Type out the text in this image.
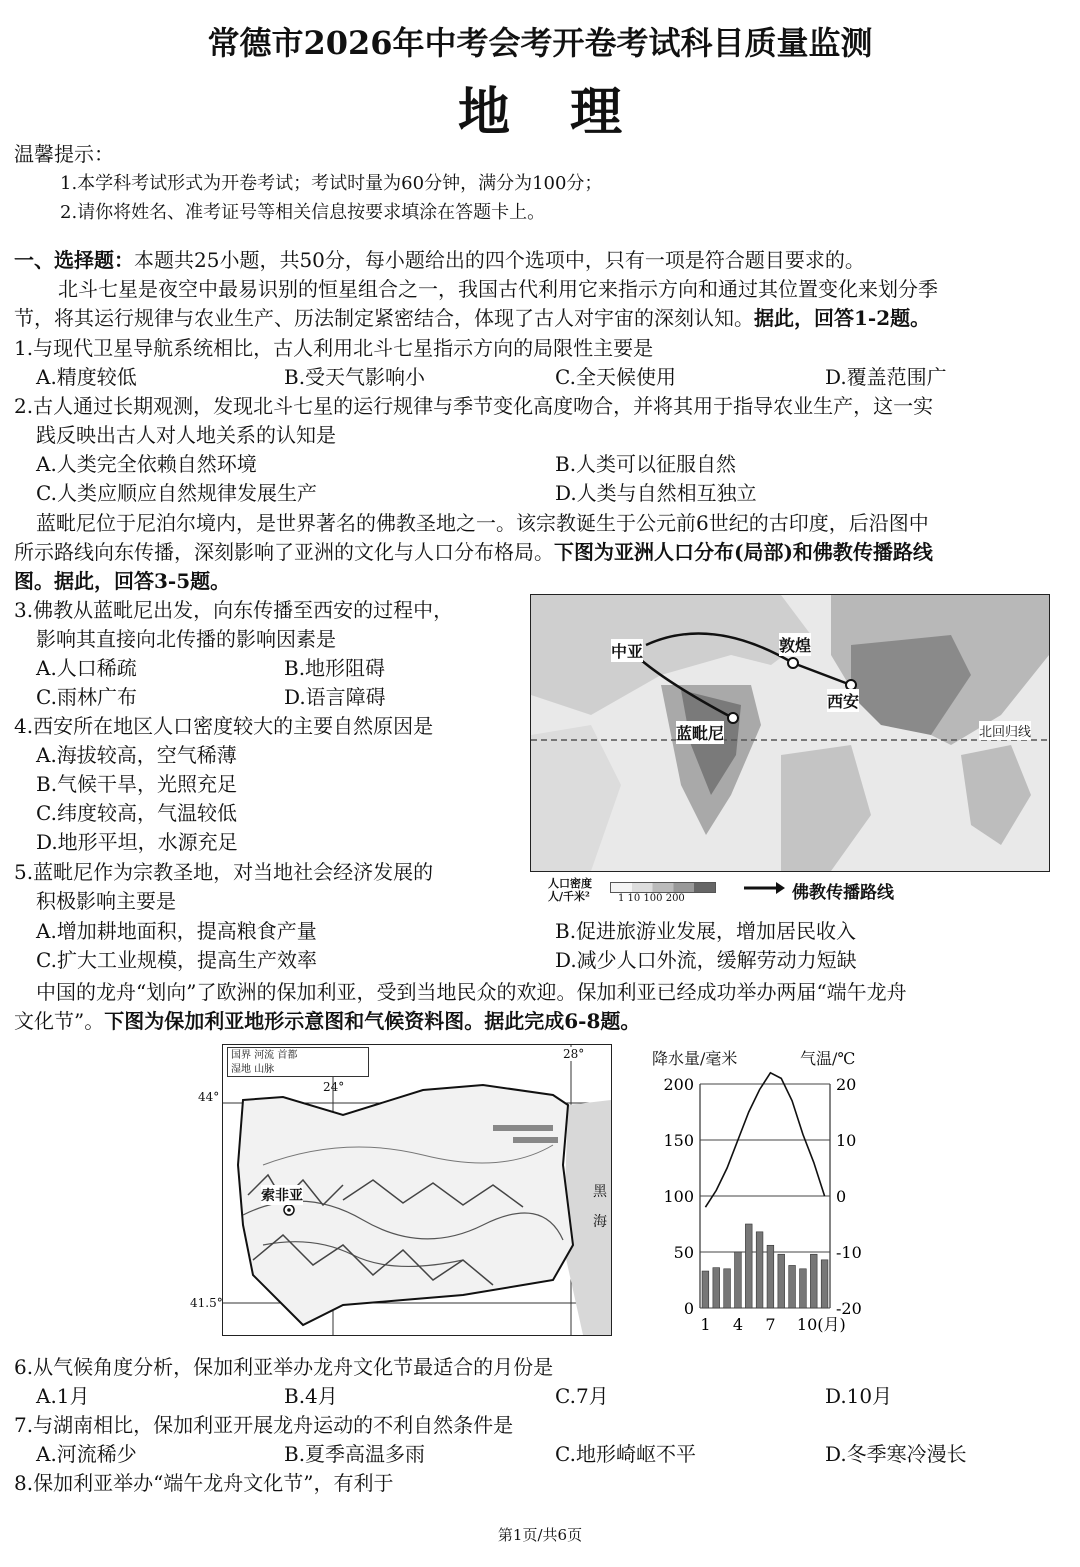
常德市2026年中考会考开卷考试科目质量监测
地理
温馨提示：
1.本学科考试形式为开卷考试；考试时量为60分钟，满分为100分；
2.请你将姓名、准考证号等相关信息按要求填涂在答题卡上。
一、选择题：本题共25小题，共50分，每小题给出的四个选项中，只有一项是符合题目要求的。
北斗七星是夜空中最易识别的恒星组合之一，我国古代利用它来指示方向和通过其位置变化来划分季
节，将其运行规律与农业生产、历法制定紧密结合，体现了古人对宇宙的深刻认知。据此，回答1-2题。
1.与现代卫星导航系统相比，古人利用北斗七星指示方向的局限性主要是
A.精度较低	B.受天气影响小	C.全天候使用	D.覆盖范围广
2.古人通过长期观测，发现北斗七星的运行规律与季节变化高度吻合，并将其用于指导农业生产，这一实
践反映出古人对人地关系的认知是
A.人类完全依赖自然环境	B.人类可以征服自然
C.人类应顺应自然规律发展生产	D.人类与自然相互独立
蓝毗尼位于尼泊尔境内，是世界著名的佛教圣地之一。该宗教诞生于公元前6世纪的古印度，后沿图中
所示路线向东传播，深刻影响了亚洲的文化与人口分布格局。下图为亚洲人口分布(局部)和佛教传播路线
图。据此，回答3-5题。
3.佛教从蓝毗尼出发，向东传播至西安的过程中，
影响其直接向北传播的影响因素是
A.人口稀疏	B.地形阻碍
C.雨林广布	D.语言障碍
4.西安所在地区人口密度较大的主要自然原因是
A.海拔较高，空气稀薄
B.气候干旱，光照充足
C.纬度较高，气温较低
D.地形平坦，水源充足
5.蓝毗尼作为宗教圣地，对当地社会经济发展的
积极影响主要是
A.增加耕地面积，提高粮食产量	B.促进旅游业发展，增加居民收入
C.扩大工业规模，提高生产效率	D.减少人口外流，缓解劳动力短缺
中亚	敦煌
西安
蓝毗尼	北回归线
人口密度
人/千米²	1 10 100 200	佛教传播路线
中国的龙舟“划向”了欧洲的保加利亚，受到当地民众的欢迎。保加利亚已经成功举办两届“端午龙舟
文化节”。下图为保加利亚地形示意图和气候资料图。据此完成6-8题。
国界 河流 首都
湿地 山脉
24°
28°
索非亚	黑
海
44°
41.5°
降水量/毫米	气温/℃
200	20
150	10
100	0
50	-10
0	-20
1 4 7 10(月)
6.从气候角度分析，保加利亚举办龙舟文化节最适合的月份是
A.1月	B.4月	C.7月	D.10月
7.与湖南相比，保加利亚开展龙舟运动的不利自然条件是
A.河流稀少	B.夏季高温多雨	C.地形崎岖不平	D.冬季寒冷漫长
8.保加利亚举办“端午龙舟文化节”，有利于
第1页/共6页
